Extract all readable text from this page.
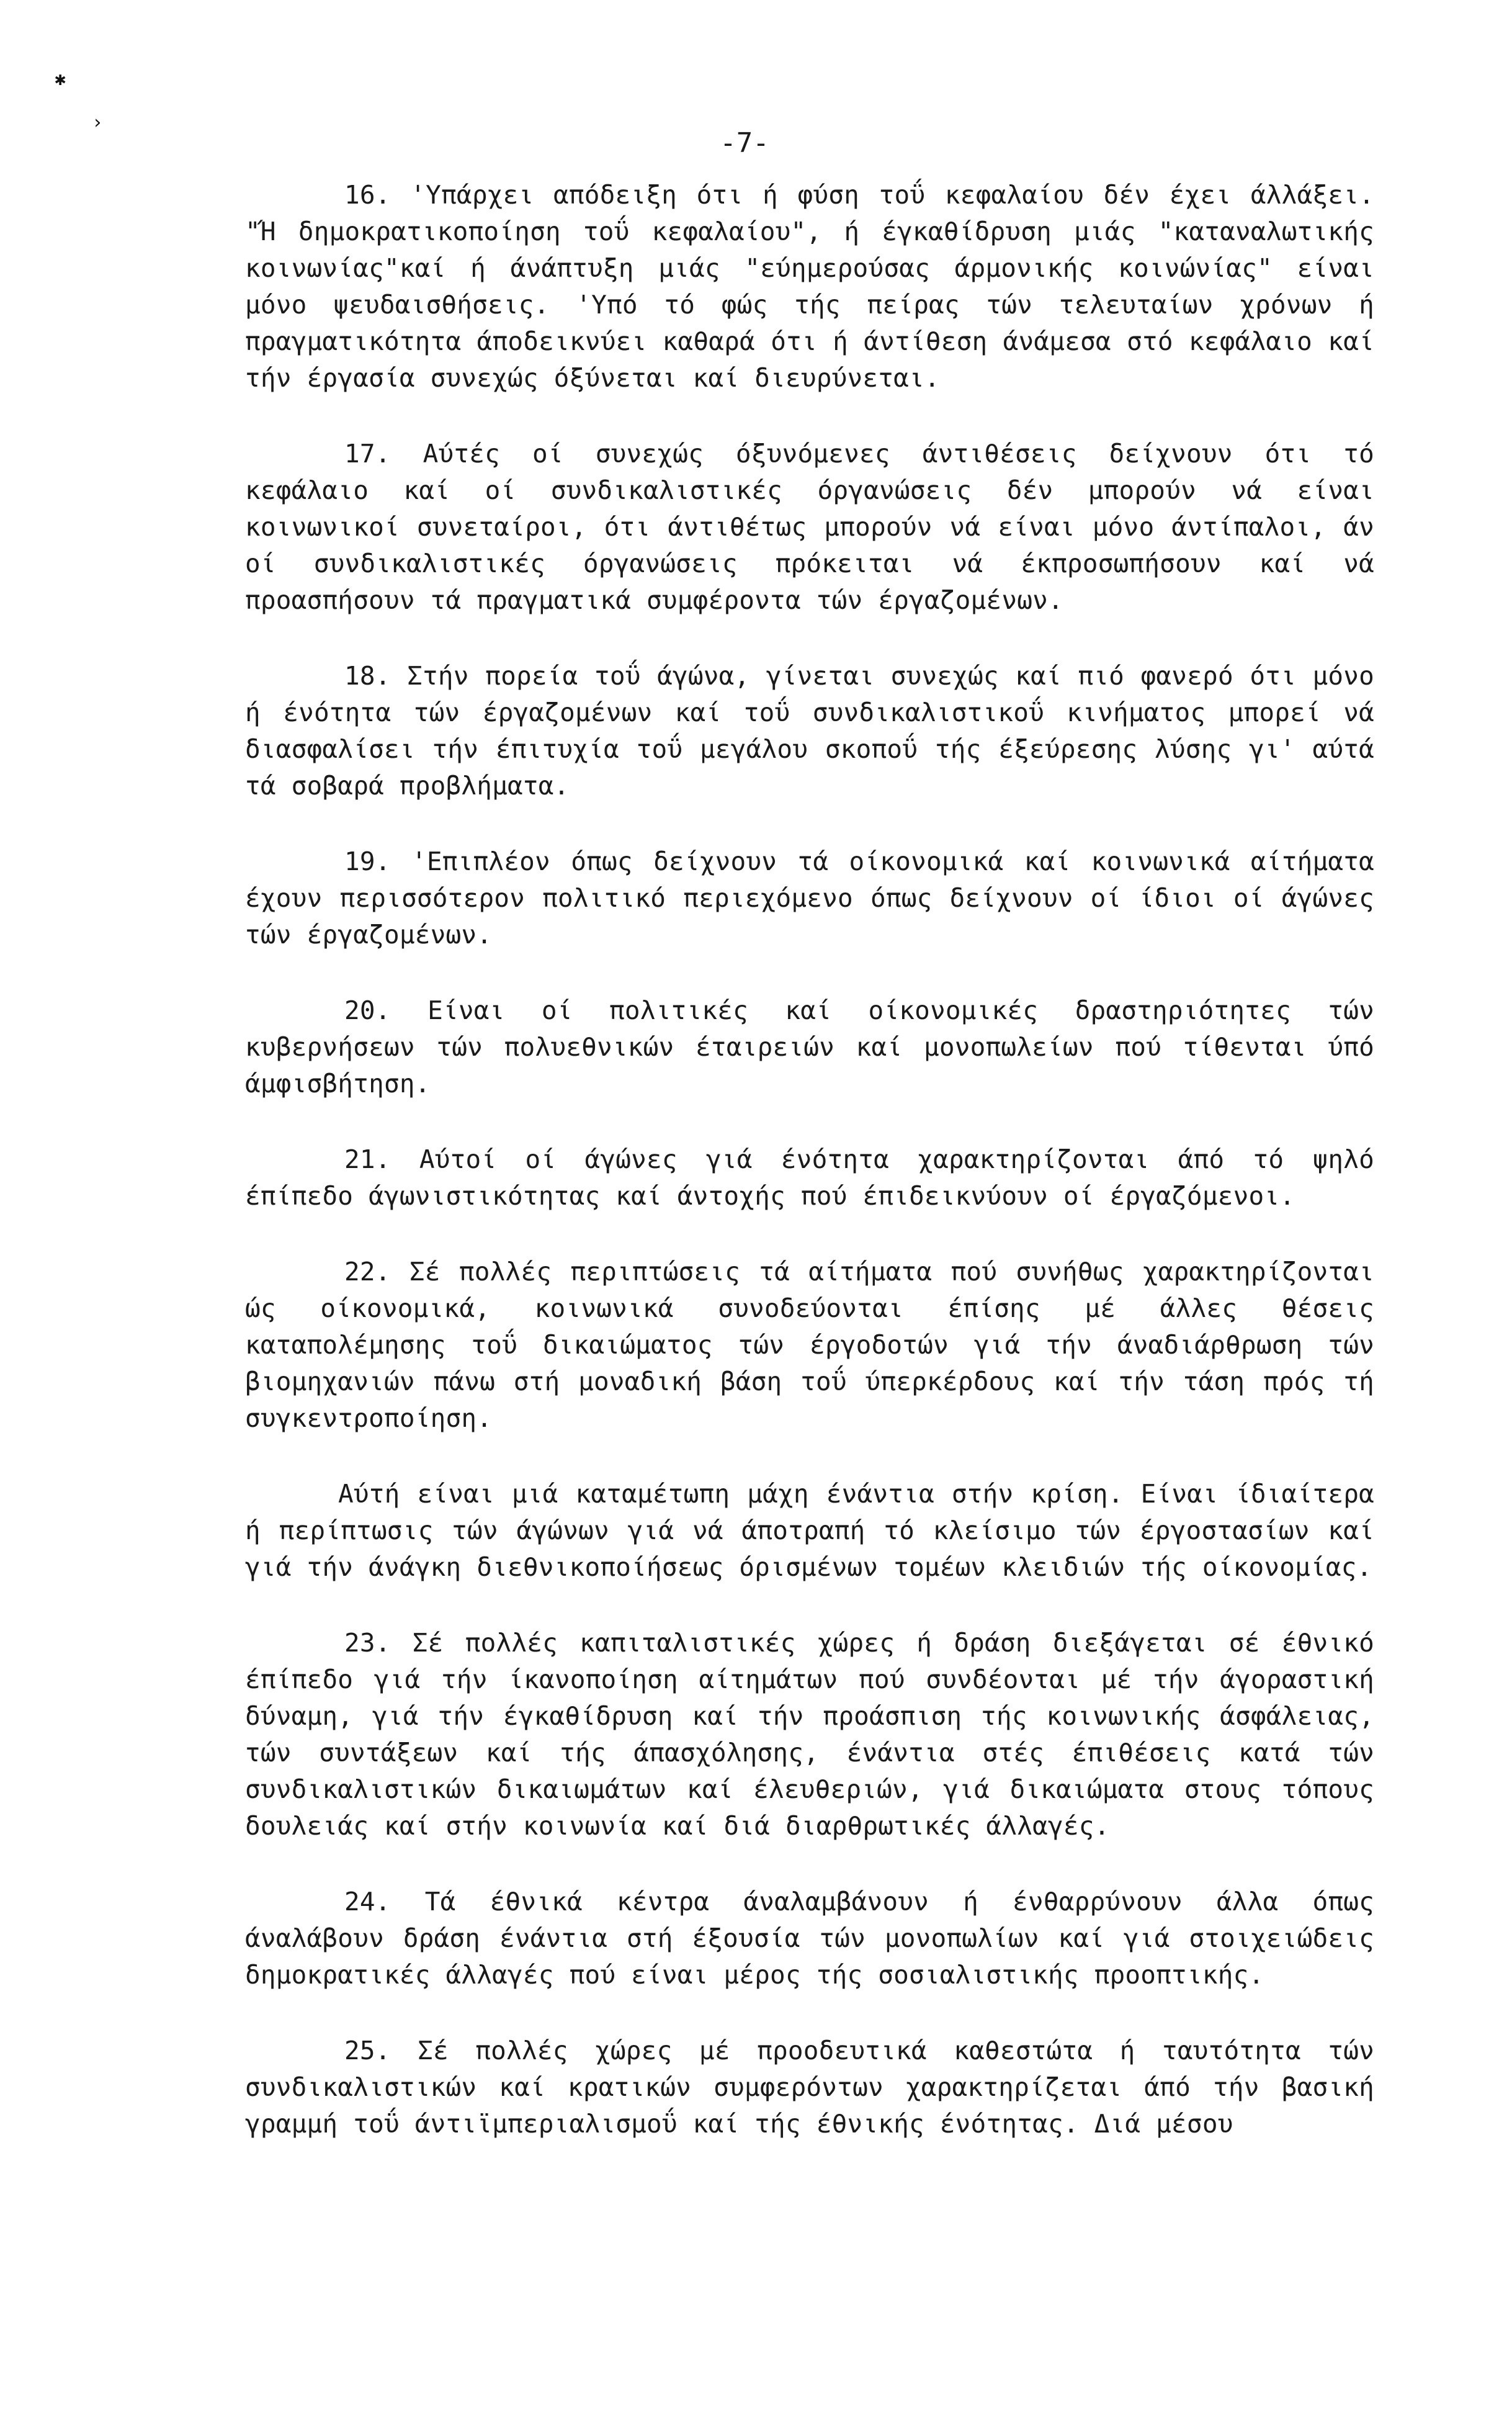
✱
›
-7-

16. 'Υπάρχει απόδειξη ότι ή φύση τοΰ κεφαλαίου δέν έχει άλλάξει. "Ή δημοκρατικοποίηση τοΰ κεφαλαίου", ή έγκαθίδρυση μιάς "καταναλωτικής κοινωνίας"καί ή άνάπτυξη μιάς "εύημερούσας άρμονικής κοινώνίας" είναι μόνο ψευδαισθήσεις. 'Υπό τό φώς τής πείρας τών τελευταίων χρόνων ή πραγματικότητα άποδεικνύει καθαρά ότι ή άντίθεση άνάμεσα στό κεφάλαιο καί τήν έργασία συνεχώς όξύνεται καί διευρύνεται.

17. Αύτές οί συνεχώς όξυνόμενες άντιθέσεις δείχνουν ότι τό κεφάλαιο καί οί συνδικαλιστικές όργανώσεις δέν μπορούν νά είναι κοινωνικοί συνεταίροι, ότι άντιθέτως μπορούν νά είναι μόνο άντίπαλοι, άν οί συνδικαλιστικές όργανώσεις πρόκειται νά έκπροσωπήσουν καί νά προασπήσουν τά πραγματικά συμφέροντα τών έργαζομένων.

18. Στήν πορεία τοΰ άγώνα, γίνεται συνεχώς καί πιό φανερό ότι μόνο ή ένότητα τών έργαζομένων καί τοΰ συνδικαλιστικοΰ κινήματος μπορεί νά διασφαλίσει τήν έπιτυχία τοΰ μεγάλου σκοποΰ τής έξεύρεσης λύσης γι' αύτά τά σοβαρά προβλήματα.

19. 'Επιπλέον όπως δείχνουν τά οίκονομικά καί κοινωνικά αίτήματα έχουν περισσότερον πολιτικό περιεχόμενο όπως δείχνουν οί ίδιοι οί άγώνες τών έργαζομένων.

20. Είναι οί πολιτικές καί οίκονομικές δραστηριότητες τών κυβερνήσεων τών πολυεθνικών έταιρειών καί μονοπωλείων πού τίθενται ύπό άμφισβήτηση.

21. Αύτοί οί άγώνες γιά ένότητα χαρακτηρίζονται άπό τό ψηλό έπίπεδο άγωνιστικότητας καί άντοχής πού έπιδεικνύουν οί έργαζόμενοι.

22. Σέ πολλές περιπτώσεις τά αίτήματα πού συνήθως χαρακτηρίζονται ώς οίκονομικά, κοινωνικά συνοδεύονται έπίσης μέ άλλες θέσεις καταπολέμησης τοΰ δικαιώματος τών έργοδοτών γιά τήν άναδιάρθρωση τών βιομηχανιών πάνω στή μοναδική βάση τοΰ ύπερκέρδους καί τήν τάση πρός τή συγκεντροποίηση.

Αύτή είναι μιά καταμέτωπη μάχη ένάντια στήν κρίση. Είναι ίδιαίτερα ή περίπτωσις τών άγώνων γιά νά άποτραπή τό κλείσιμο τών έργοστασίων καί γιά τήν άνάγκη διεθνικοποίήσεως όρισμένων τομέων κλειδιών τής οίκονομίας.

23. Σέ πολλές καπιταλιστικές χώρες ή δράση διεξάγεται σέ έθνικό έπίπεδο γιά τήν ίκανοποίηση αίτημάτων πού συνδέονται μέ τήν άγοραστική δύναμη, γιά τήν έγκαθίδρυση καί τήν προάσπιση τής κοινωνικής άσφάλειας, τών συντάξεων καί τής άπασχόλησης, ένάντια στές έπιθέσεις κατά τών συνδικαλιστικών δικαιωμάτων καί έλευθεριών, γιά δικαιώματα στους τόπους δουλειάς καί στήν κοινωνία καί διά διαρθρωτικές άλλαγές.

24. Τά έθνικά κέντρα άναλαμβάνουν ή ένθαρρύνουν άλλα όπως άναλάβουν δράση ένάντια στή έξουσία τών μονοπωλίων καί γιά στοιχειώδεις δημοκρατικές άλλαγές πού είναι μέρος τής σοσιαλιστικής προοπτικής.

25. Σέ πολλές χώρες μέ προοδευτικά καθεστώτα ή ταυτότητα τών συνδικαλιστικών καί κρατικών συμφερόντων χαρακτηρίζεται άπό τήν βασική γραμμή τοΰ άντιϊμπεριαλισμοΰ καί τής έθνικής ένότητας. Διά μέσου
